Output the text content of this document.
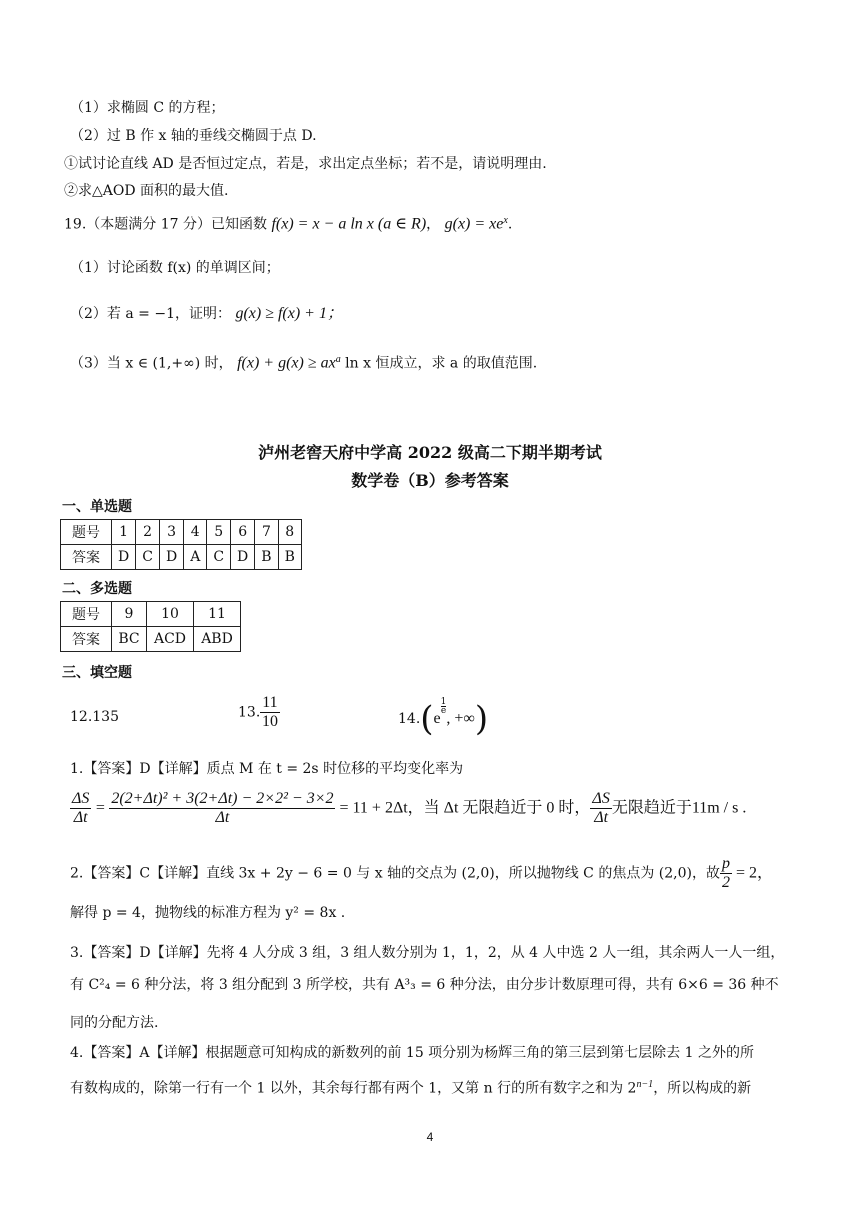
（1）求椭圆 C 的方程；
（2）过 B 作 x 轴的垂线交椭圆于点 D.
①试讨论直线 AD 是否恒过定点，若是，求出定点坐标；若不是，请说明理由.
②求△AOD 面积的最大值.
19.（本题满分 17 分）已知函数 f(x) = x − a ln x (a ∈ R)， $g(x) = xe^x$.
（1）讨论函数 f(x) 的单调区间；
（2）若 a = −1，证明： g(x) ≥ f(x) + 1；
（3）当 x ∈ (1,+∞) 时， $f(x) + g(x) \ge ax^a$ ln x 恒成立，求 a 的取值范围.
泸州老窖天府中学高 2022 级高二下期半期考试
数学卷（B）参考答案
一、单选题
题号	1	2	3	4	5	6	7	8
答案	D	C	D	A	C	D	B	B
二、多选题
题号	9	10	11
答案	BC	ACD	ABD
三、填空题
12.135	13. $\frac{11}{10}$	14.(e
$^{\frac{1}{e}}$
, +∞)
1.【答案】D【详解】质点 M 在 t = 2s 时位移的平均变化率为
$\frac{\Delta S}{\Delta t} = \frac{\text{2(2+Δt)² + 3(2+Δt) − 2×2² − 3×2}}{\Delta t} = 11 + 2\Delta t$，当 Δt 无限趋近于 0 时， $\frac{\Delta S}{\Delta t}$ 无限趋近于11m / s .
2.【答案】C【详解】直线 3x + 2y − 6 = 0 与 x 轴的交点为 (2,0)，所以抛物线 C 的焦点为 (2,0)，故 $\frac{p}{2} = 2$，
解得 p = 4，抛物线的标准方程为 y² = 8x .
3.【答案】D【详解】先将 4 人分成 3 组，3 组人数分别为 1，1，2，从 4 人中选 2 人一组，其余两人一人一组，
有 C²₄ = 6 种分法，将 3 组分配到 3 所学校，共有 A³₃ = 6 种分法，由分步计数原理可得，共有 6×6 = 36 种不
同的分配方法.
4.【答案】A【详解】根据题意可知构成的新数列的前 15 项分别为杨辉三角的第三层到第七层除去 1 之外的所
有数构成的，除第一行有一个 1 以外，其余每行都有两个 1，又第 n 行的所有数字之和为 $2^{n-1}$，所以构成的新
4
